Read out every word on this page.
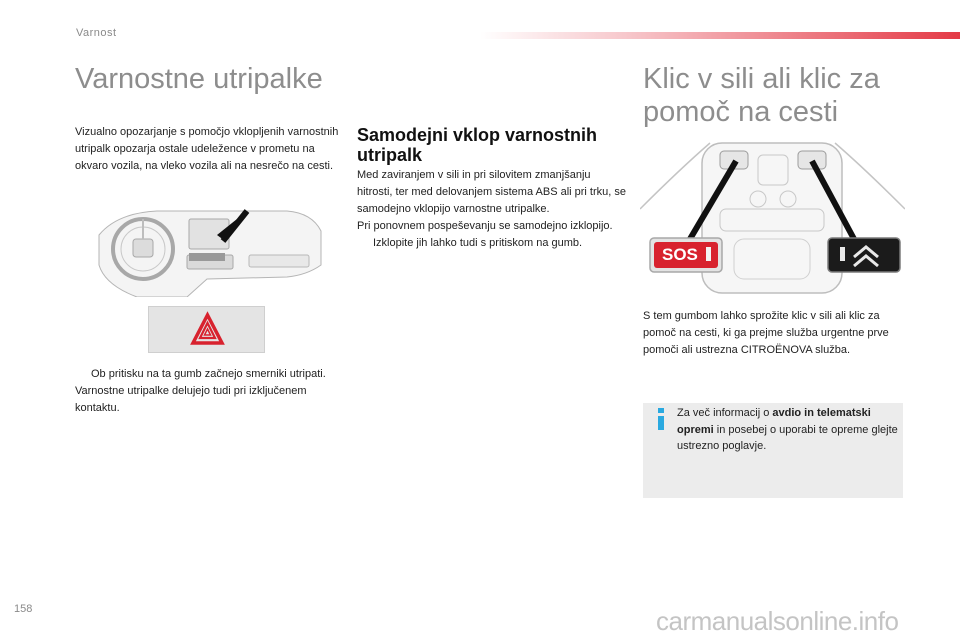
Varnost
Varnostne utripalke

Vizualno opozarjanje s pomočjo vklopljenih varnostnih utripalk opozarja ostale udeležence v prometu na okvaro vozila, na vleko vozila ali na nesrečo na cesti.

Ob pritisku na ta gumb začnejo smerniki utripati.
Varnostne utripalke delujejo tudi pri izključenem kontaktu.
Samodejni vklop varnostnih utripalk
Med zaviranjem v sili in pri silovitem zmanjšanju hitrosti, ter med delovanjem sistema ABS ali pri trku, se samodejno vklopijo varnostne utripalke.
Pri ponovnem pospeševanju se samodejno izklopijo.
Izklopite jih lahko tudi s pritiskom na gumb.
Klic v sili ali klic za pomoč na cesti
SOS

S tem gumbom lahko sprožite klic v sili ali klic za pomoč na cesti, ki ga prejme služba urgentne prve pomoči ali ustrezna CITROËNOVA služba.

Za več informacij o avdio in telematski opremi in posebej o uporabi te opreme glejte ustrezno poglavje.
158	carmanualsonline.info
